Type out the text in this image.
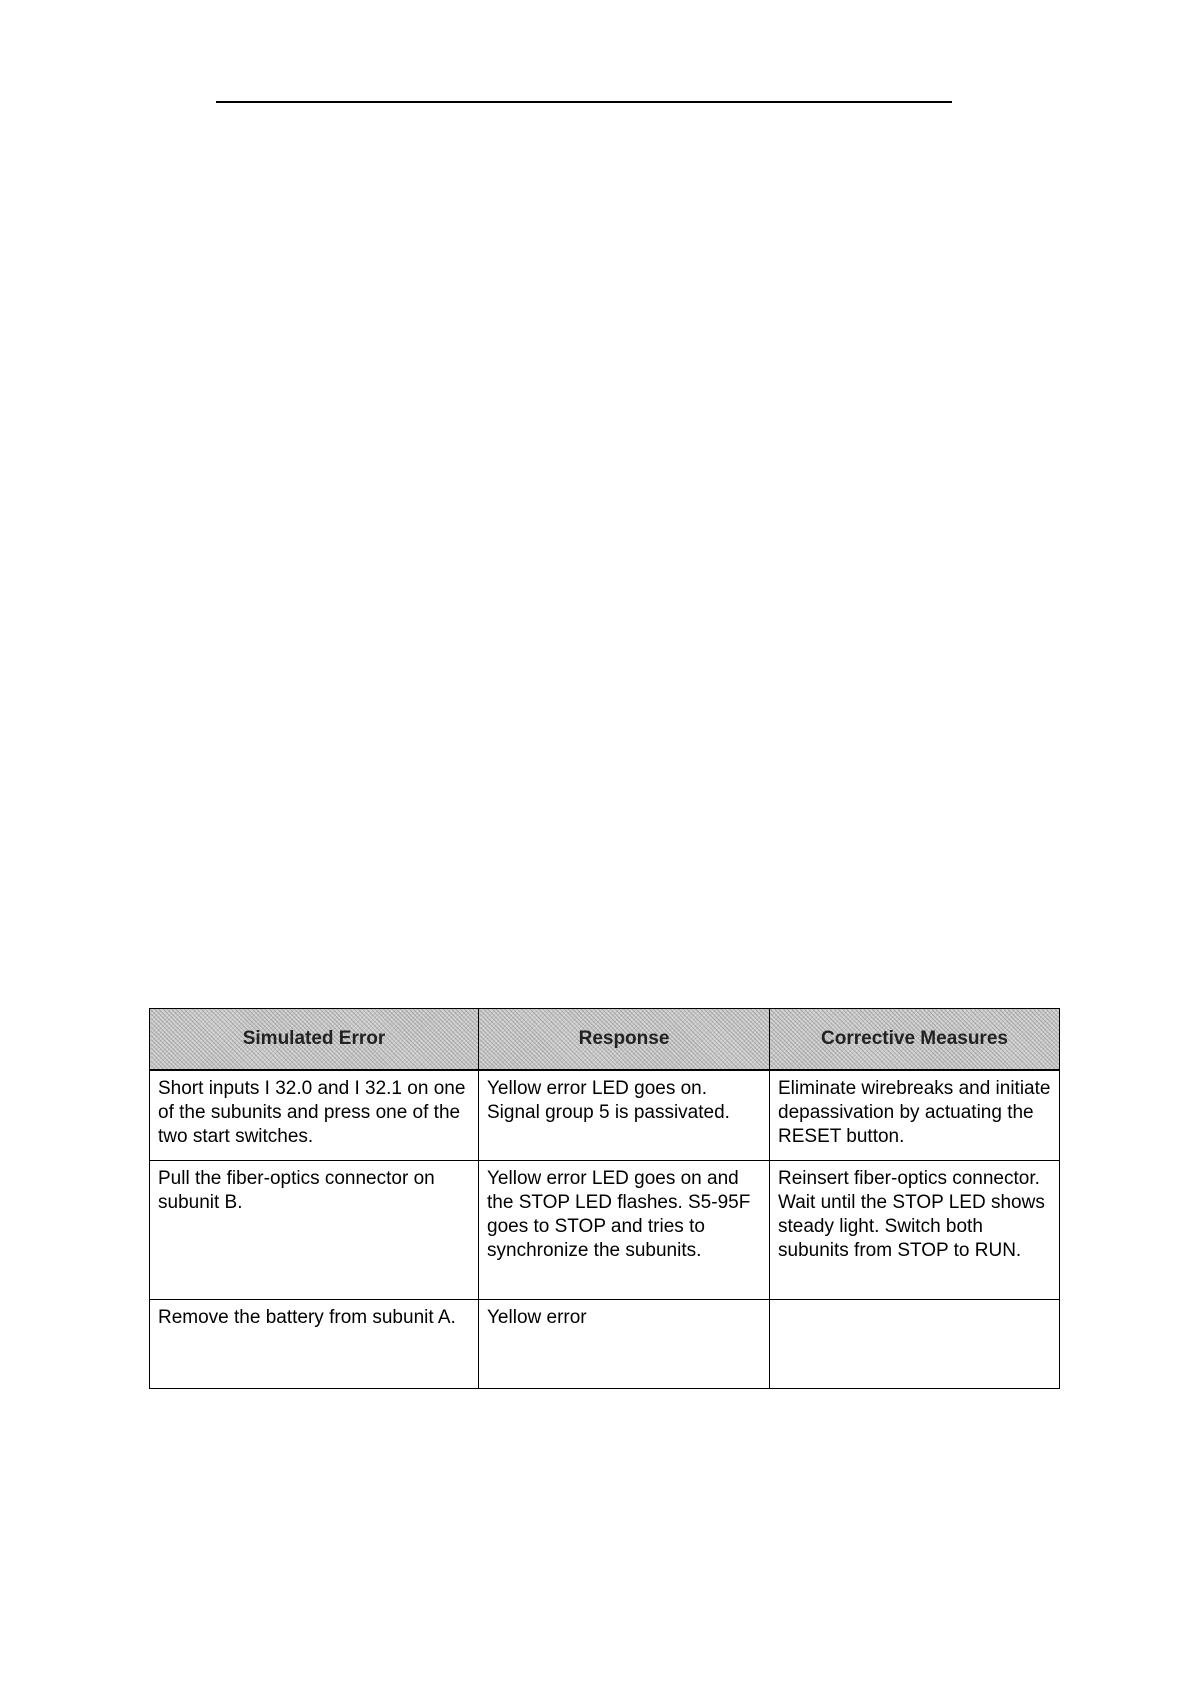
Simulated Error	Response	Corrective Measures
Short inputs I 32.0 and I 32.1 on one of the subunits and press one of the two start switches.	Yellow error LED goes on. Signal group 5 is passivated.	Eliminate wirebreaks and initiate depassivation by actuating the RESET button.
Pull the fiber-optics connector on subunit B.	Yellow error LED goes on and the STOP LED flashes. S5-95F goes to STOP and tries to synchronize the subunits.	Reinsert fiber-optics connector. Wait until the STOP LED shows steady light. Switch both subunits from STOP to RUN.
Remove the battery from subunit A.	Yellow error	
